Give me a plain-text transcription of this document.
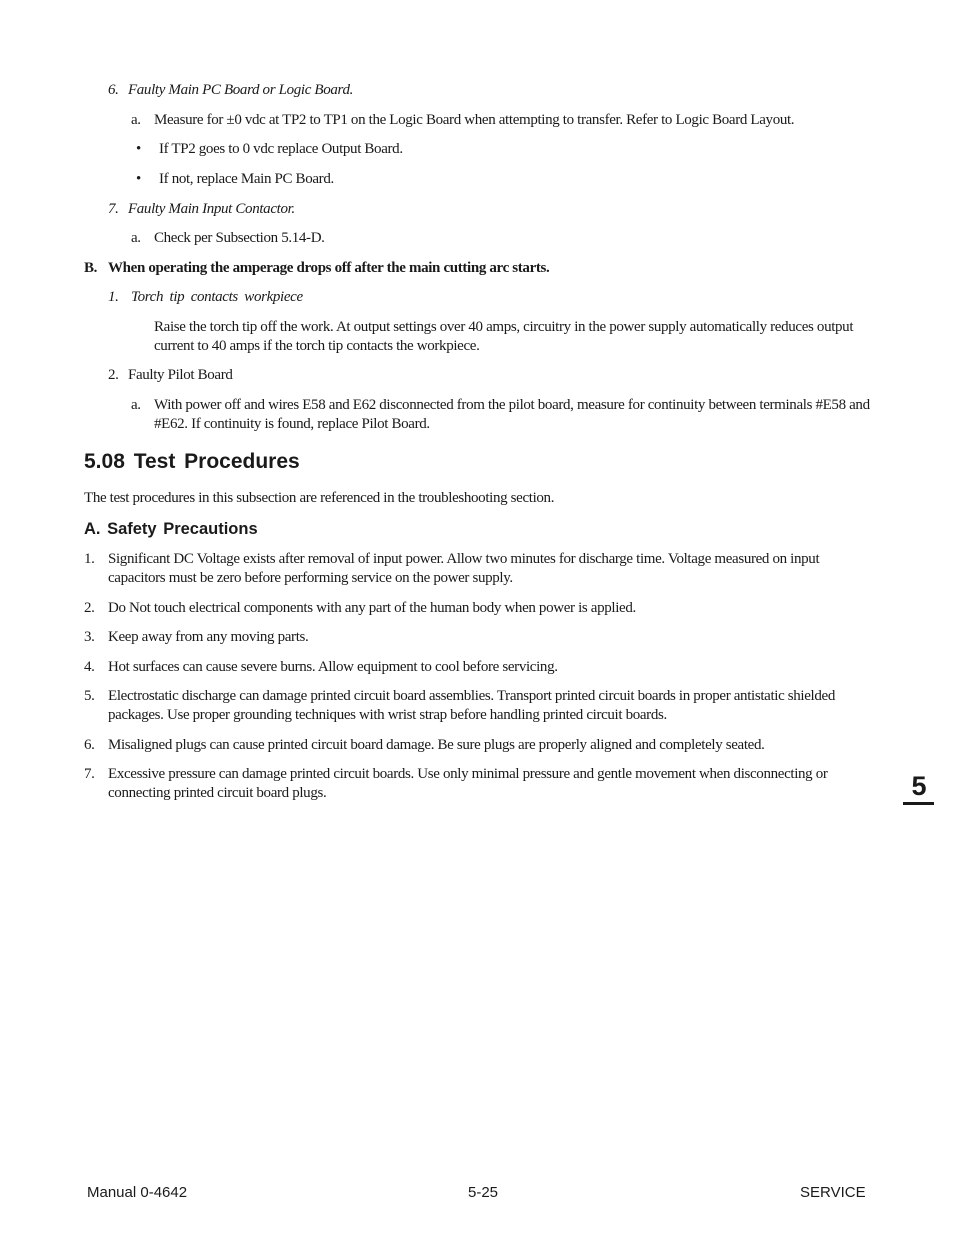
6. Faulty Main PC Board or Logic Board.
a. Measure for ±0 vdc at TP2 to TP1 on the Logic Board when attempting to transfer. Refer to Logic Board Layout.
• If TP2 goes to 0 vdc replace Output Board.
• If not, replace Main PC Board.
7. Faulty Main Input Contactor.
a. Check per Subsection 5.14-D.
B. When operating the amperage drops off after the main cutting arc starts.
1. Torch tip contacts workpiece
Raise the torch tip off the work. At output settings over 40 amps, circuitry in the power supply automatically reduces output current to 40 amps if the torch tip contacts the workpiece.
2. Faulty Pilot Board
a. With power off and wires E58 and E62 disconnected from the pilot board, measure for continuity between terminals #E58 and #E62. If continuity is found, replace Pilot Board.
5.08 Test Procedures
The test procedures in this subsection are referenced in the troubleshooting section.
A. Safety Precautions
1. Significant DC Voltage exists after removal of input power. Allow two minutes for discharge time. Voltage measured on input capacitors must be zero before performing service on the power supply.
2. Do Not touch electrical components with any part of the human body when power is applied.
3. Keep away from any moving parts.
4. Hot surfaces can cause severe burns. Allow equipment to cool before servicing.
5. Electrostatic discharge can damage printed circuit board assemblies. Transport printed circuit boards in proper antistatic shielded packages. Use proper grounding techniques with wrist strap before handling printed circuit boards.
6. Misaligned plugs can cause printed circuit board damage. Be sure plugs are properly aligned and completely seated.
7. Excessive pressure can damage printed circuit boards. Use only minimal pressure and gentle movement when disconnecting or connecting printed circuit board plugs.	5
Manual 0-4642	5-25	SERVICE
